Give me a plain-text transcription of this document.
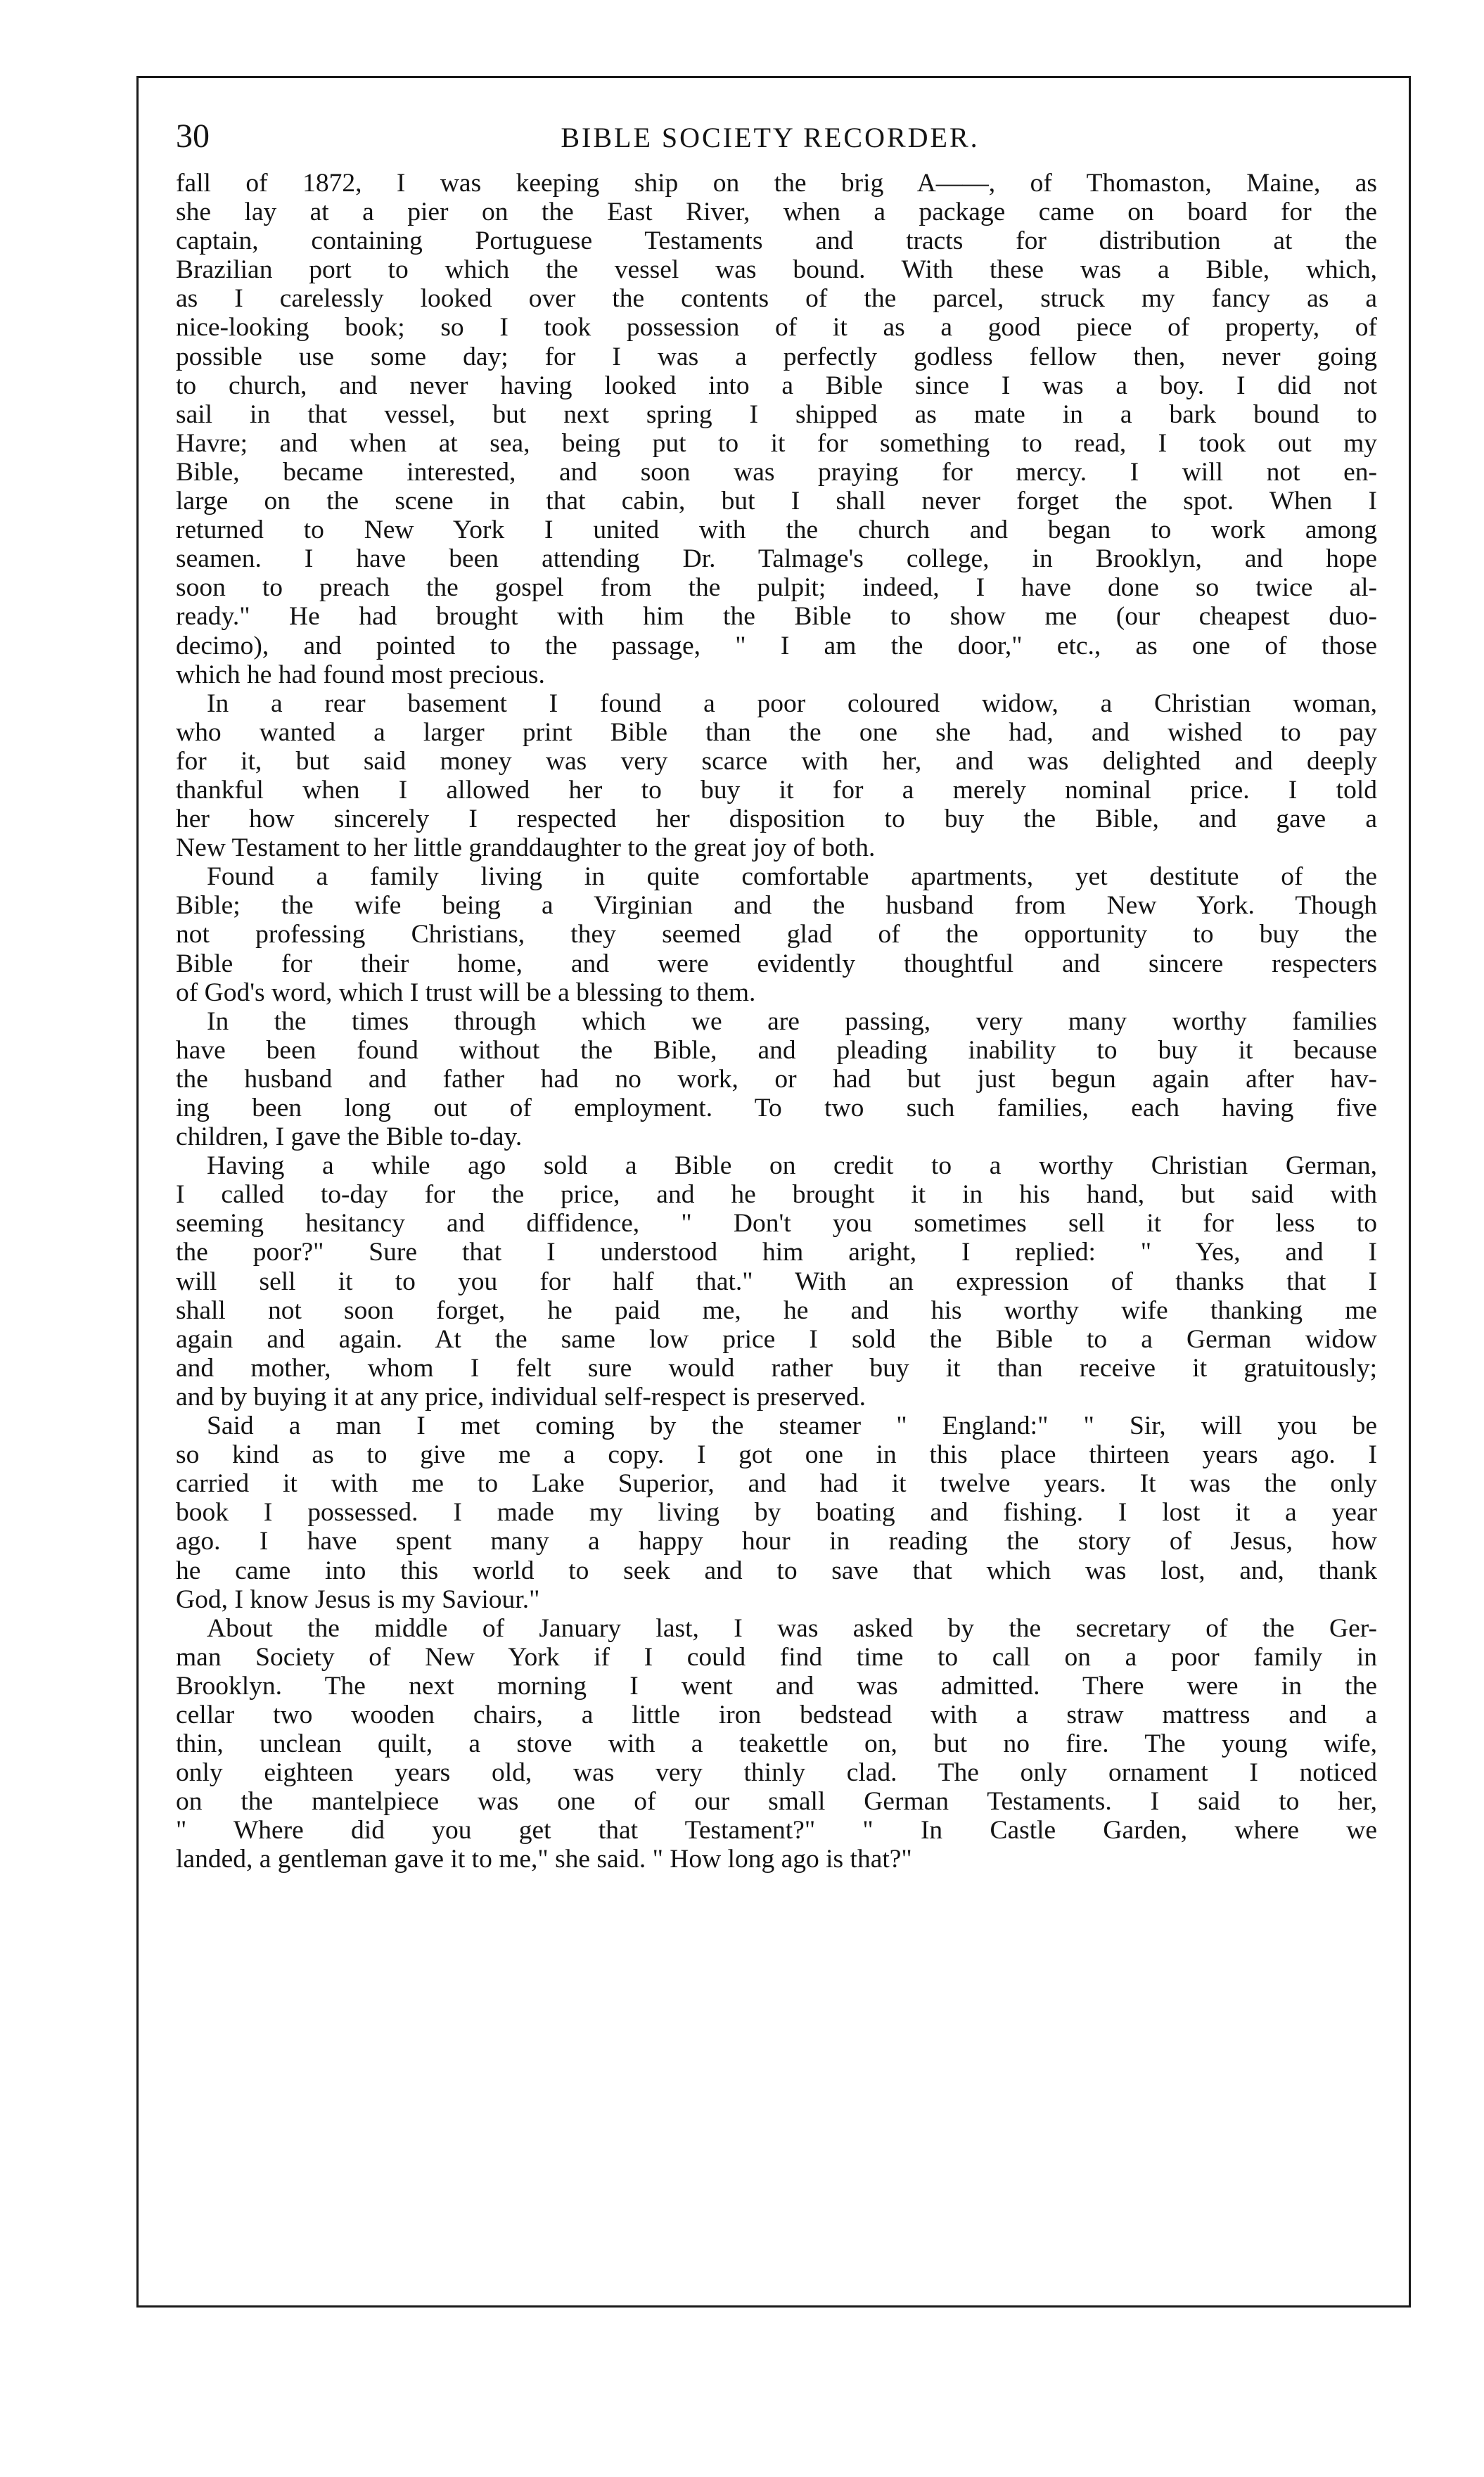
30	BIBLE SOCIETY RECORDER.

fall of 1872, I was keeping ship on the brig A——, of Thomaston, Maine, as
she lay at a pier on the East River, when a package came on board for the
captain, containing Portuguese Testaments and tracts for distribution at the
Brazilian port to which the vessel was bound. With these was a Bible, which,
as I carelessly looked over the contents of the parcel, struck my fancy as a
nice-looking book; so I took possession of it as a good piece of property, of
possible use some day; for I was a perfectly godless fellow then, never going
to church, and never having looked into a Bible since I was a boy. I did not
sail in that vessel, but next spring I shipped as mate in a bark bound to
Havre; and when at sea, being put to it for something to read, I took out my
Bible, became interested, and soon was praying for mercy. I will not en-
large on the scene in that cabin, but I shall never forget the spot. When I
returned to New York I united with the church and began to work among
seamen. I have been attending Dr. Talmage's college, in Brooklyn, and hope
soon to preach the gospel from the pulpit; indeed, I have done so twice al-
ready." He had brought with him the Bible to show me (our cheapest duo-
decimo), and pointed to the passage, " I am the door," etc., as one of those
which he had found most precious.

In a rear basement I found a poor coloured widow, a Christian woman,
who wanted a larger print Bible than the one she had, and wished to pay
for it, but said money was very scarce with her, and was delighted and deeply
thankful when I allowed her to buy it for a merely nominal price. I told
her how sincerely I respected her disposition to buy the Bible, and gave a
New Testament to her little granddaughter to the great joy of both.

Found a family living in quite comfortable apartments, yet destitute of the
Bible; the wife being a Virginian and the husband from New York. Though
not professing Christians, they seemed glad of the opportunity to buy the
Bible for their home, and were evidently thoughtful and sincere respecters
of God's word, which I trust will be a blessing to them.

In the times through which we are passing, very many worthy families
have been found without the Bible, and pleading inability to buy it because
the husband and father had no work, or had but just begun again after hav-
ing been long out of employment. To two such families, each having five
children, I gave the Bible to-day.

Having a while ago sold a Bible on credit to a worthy Christian German,
I called to-day for the price, and he brought it in his hand, but said with
seeming hesitancy and diffidence, " Don't you sometimes sell it for less to
the poor?" Sure that I understood him aright, I replied: " Yes, and I
will sell it to you for half that." With an expression of thanks that I
shall not soon forget, he paid me, he and his worthy wife thanking me
again and again. At the same low price I sold the Bible to a German widow
and mother, whom I felt sure would rather buy it than receive it gratuitously;
and by buying it at any price, individual self-respect is preserved.

Said a man I met coming by the steamer " England:" " Sir, will you be
so kind as to give me a copy. I got one in this place thirteen years ago. I
carried it with me to Lake Superior, and had it twelve years. It was the only
book I possessed. I made my living by boating and fishing. I lost it a year
ago. I have spent many a happy hour in reading the story of Jesus, how
he came into this world to seek and to save that which was lost, and, thank
God, I know Jesus is my Saviour."

About the middle of January last, I was asked by the secretary of the Ger-
man Society of New York if I could find time to call on a poor family in
Brooklyn. The next morning I went and was admitted. There were in the
cellar two wooden chairs, a little iron bedstead with a straw mattress and a
thin, unclean quilt, a stove with a teakettle on, but no fire. The young wife,
only eighteen years old, was very thinly clad. The only ornament I noticed
on the mantelpiece was one of our small German Testaments. I said to her,
" Where did you get that Testament?" " In Castle Garden, where we
landed, a gentleman gave it to me," she said. " How long ago is that?"
